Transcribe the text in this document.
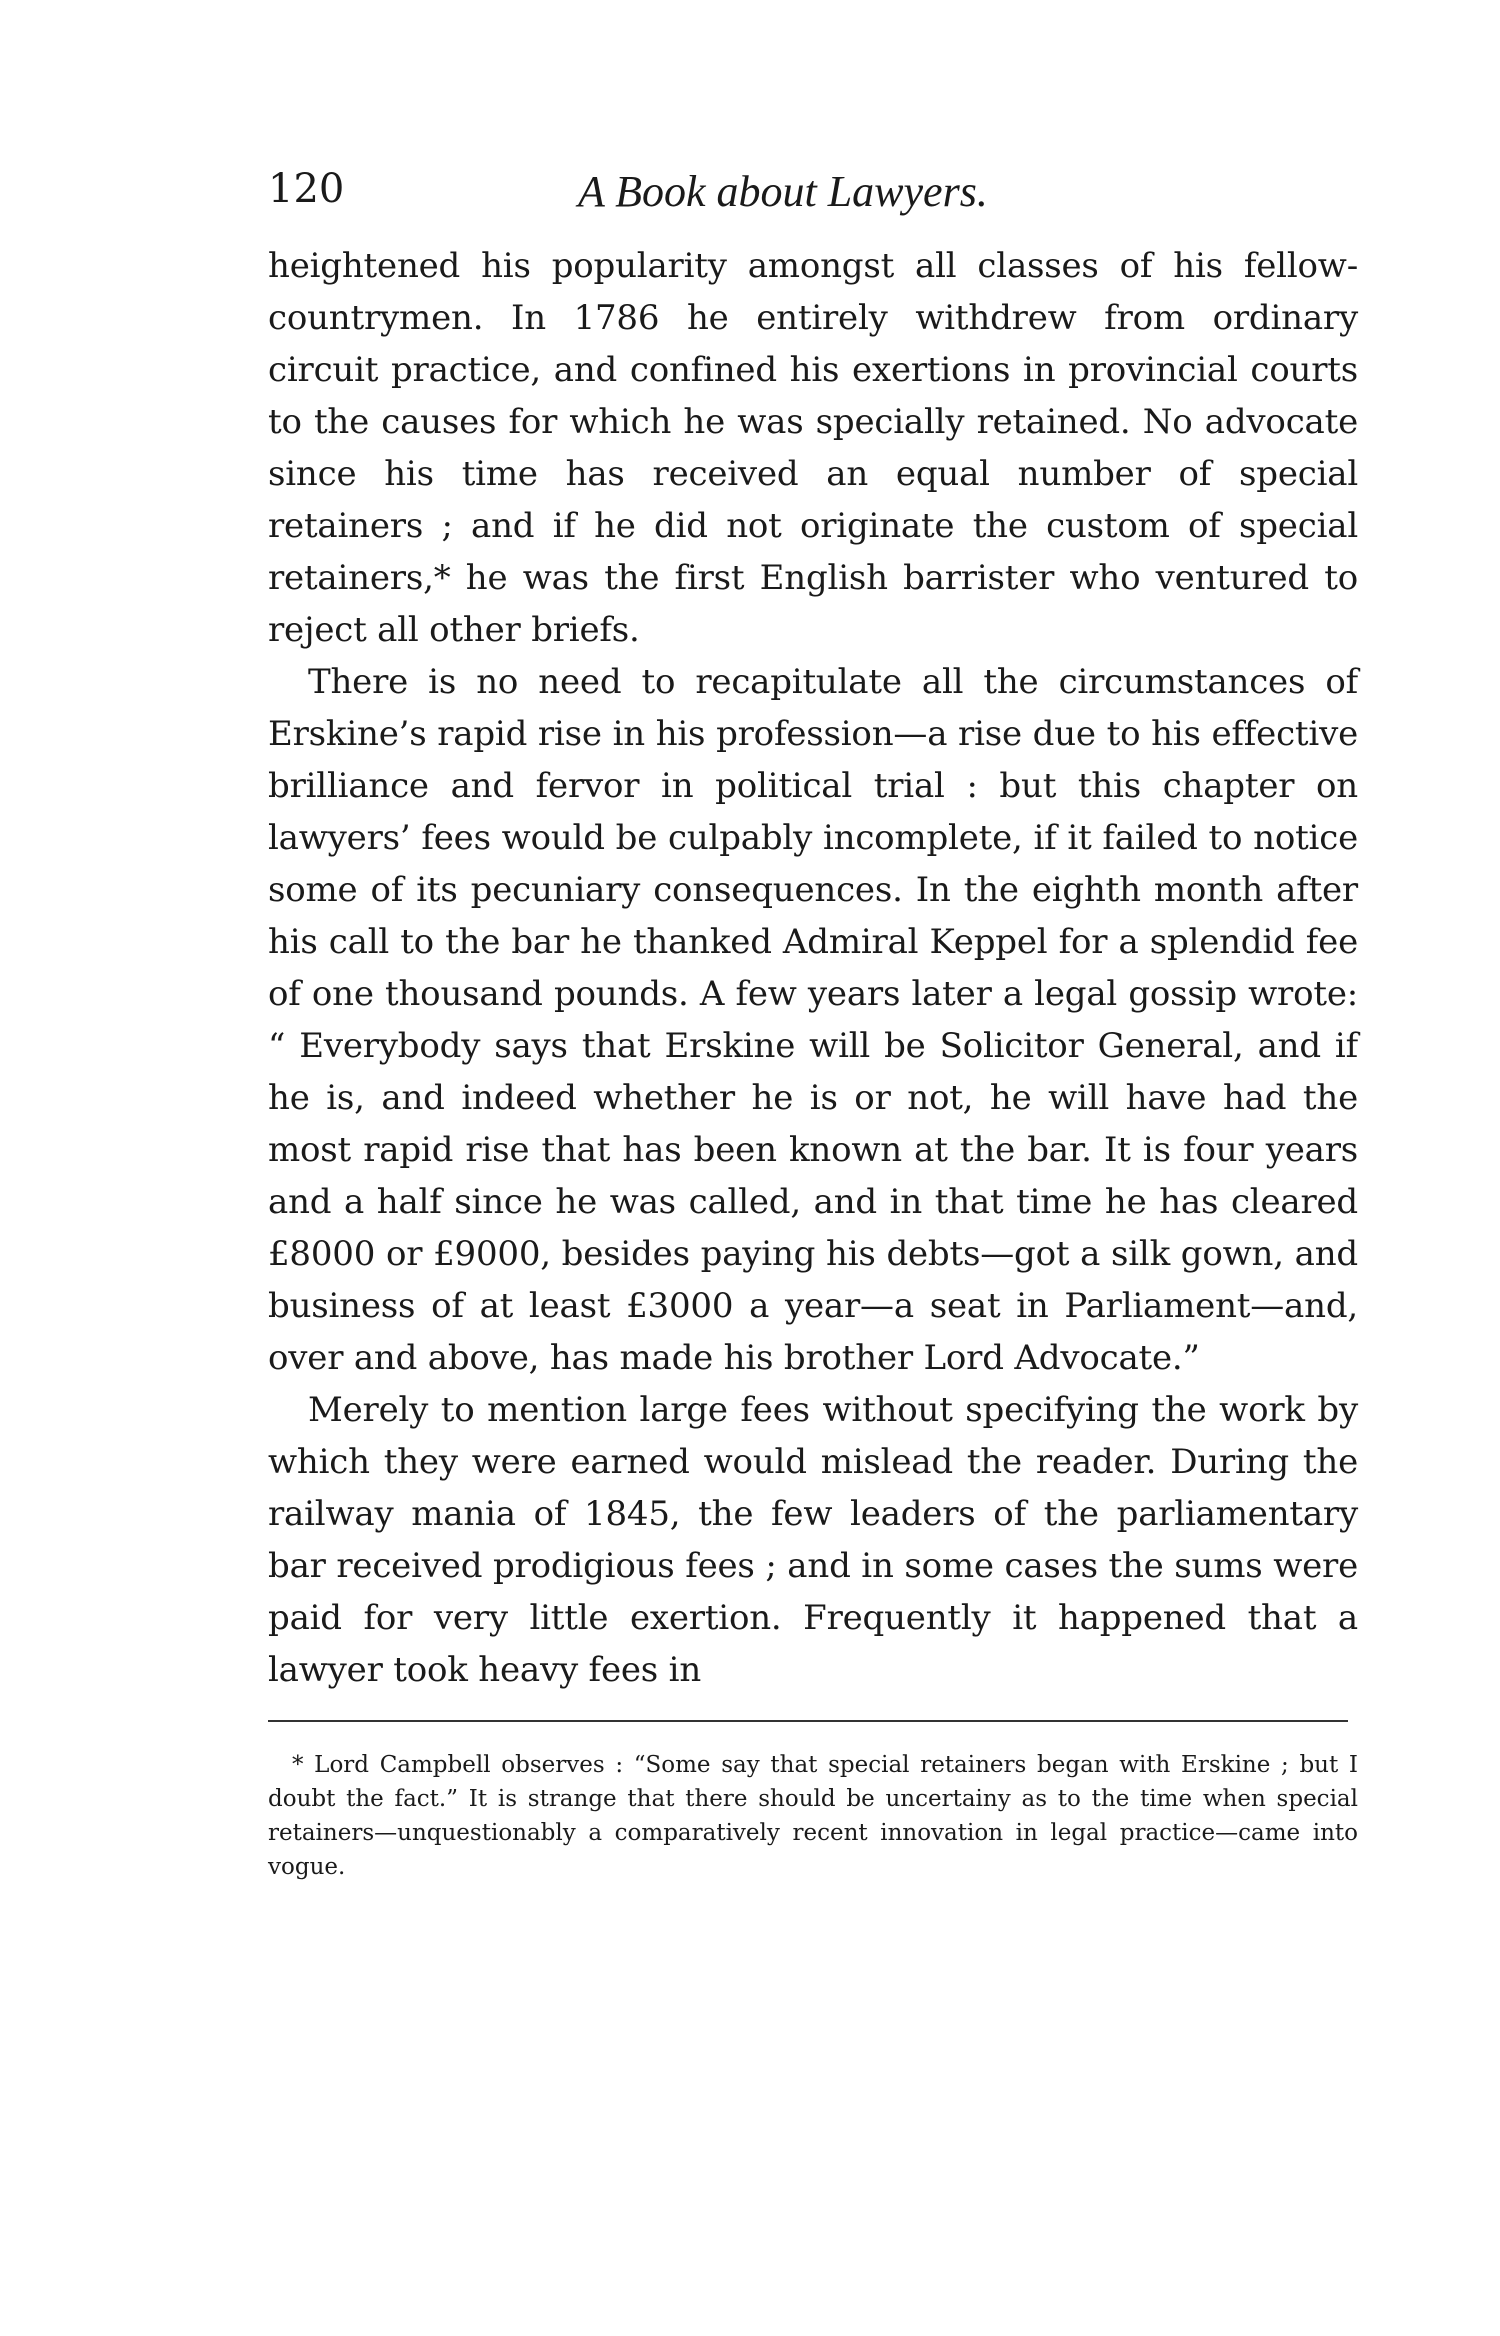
120	A Book about Lawyers.

heightened his popularity amongst all classes of his fellow-countrymen. In 1786 he entirely withdrew from ordinary circuit practice, and confined his exertions in provincial courts to the causes for which he was specially retained. No advocate since his time has received an equal number of special retainers ; and if he did not originate the custom of special retainers,* he was the first English barrister who ventured to reject all other briefs.

There is no need to recapitulate all the circumstances of Erskine’s rapid rise in his profession—a rise due to his effective brilliance and fervor in political trial : but this chapter on lawyers’ fees would be culpably incomplete, if it failed to notice some of its pecuniary consequences. In the eighth month after his call to the bar he thanked Admiral Keppel for a splendid fee of one thousand pounds. A few years later a legal gossip wrote: “ Everybody says that Erskine will be Solicitor General, and if he is, and indeed whether he is or not, he will have had the most rapid rise that has been known at the bar. It is four years and a half since he was called, and in that time he has cleared £8000 or £9000, besides paying his debts—got a silk gown, and business of at least £3000 a year—a seat in Parliament—and, over and above, has made his brother Lord Advocate.”

Merely to mention large fees without specifying the work by which they were earned would mislead the reader. During the railway mania of 1845, the few leaders of the parliamentary bar received prodigious fees ; and in some cases the sums were paid for very little exertion. Frequently it happened that a lawyer took heavy fees in

* Lord Campbell observes : “Some say that special retainers began with Erskine ; but I doubt the fact.” It is strange that there should be uncertainy as to the time when special retainers—unquestionably a comparatively recent innovation in legal practice—came into vogue.
